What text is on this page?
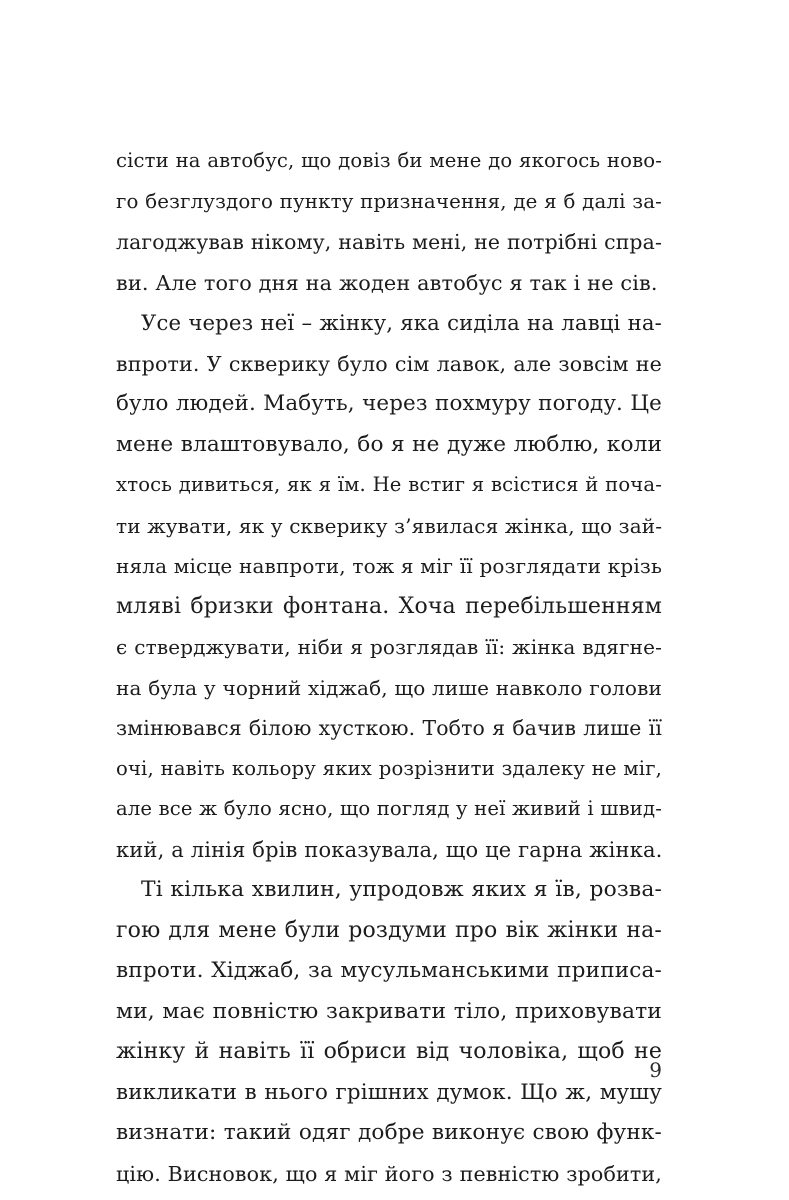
сісти на автобус, що довіз би мене до якогось ново-
го безглуздого пункту призначення, де я б далі за-
лагоджував нікому, навіть мені, не потрібні спра-
ви. Але того дня на жоден автобус я так і не сів.
Усе через неї – жінку, яка сиділа на лавці на-
впроти. У скверику було сім лавок, але зовсім не
було людей. Мабуть, через похмуру погоду. Це
мене влаштовувало, бо я не дуже люблю, коли
хтось дивиться, як я їм. Не встиг я всістися й поча-
ти жувати, як у скверику з’явилася жінка, що зай-
няла місце навпроти, тож я міг її розглядати крізь
мляві бризки фонтана. Хоча перебільшенням
є стверджувати, ніби я розглядав її: жінка вдягне-
на була у чорний хіджаб, що лише навколо голови
змінювався білою хусткою. Тобто я бачив лише її
очі, навіть кольору яких розрізнити здалеку не міг,
але все ж було ясно, що погляд у неї живий і швид-
кий, а лінія брів показувала, що це гарна жінка.
Ті кілька хвилин, упродовж яких я їв, розва-
гою для мене були роздуми про вік жінки на-
впроти. Хіджаб, за мусульманськими приписа-
ми, має повністю закривати тіло, приховувати
жінку й навіть її обриси від чоловіка, щоб не
викликати в нього грішних думок. Що ж, мушу
визнати: такий одяг добре виконує свою функ-
цію. Висновок, що я міг його з певністю зробити,
9
